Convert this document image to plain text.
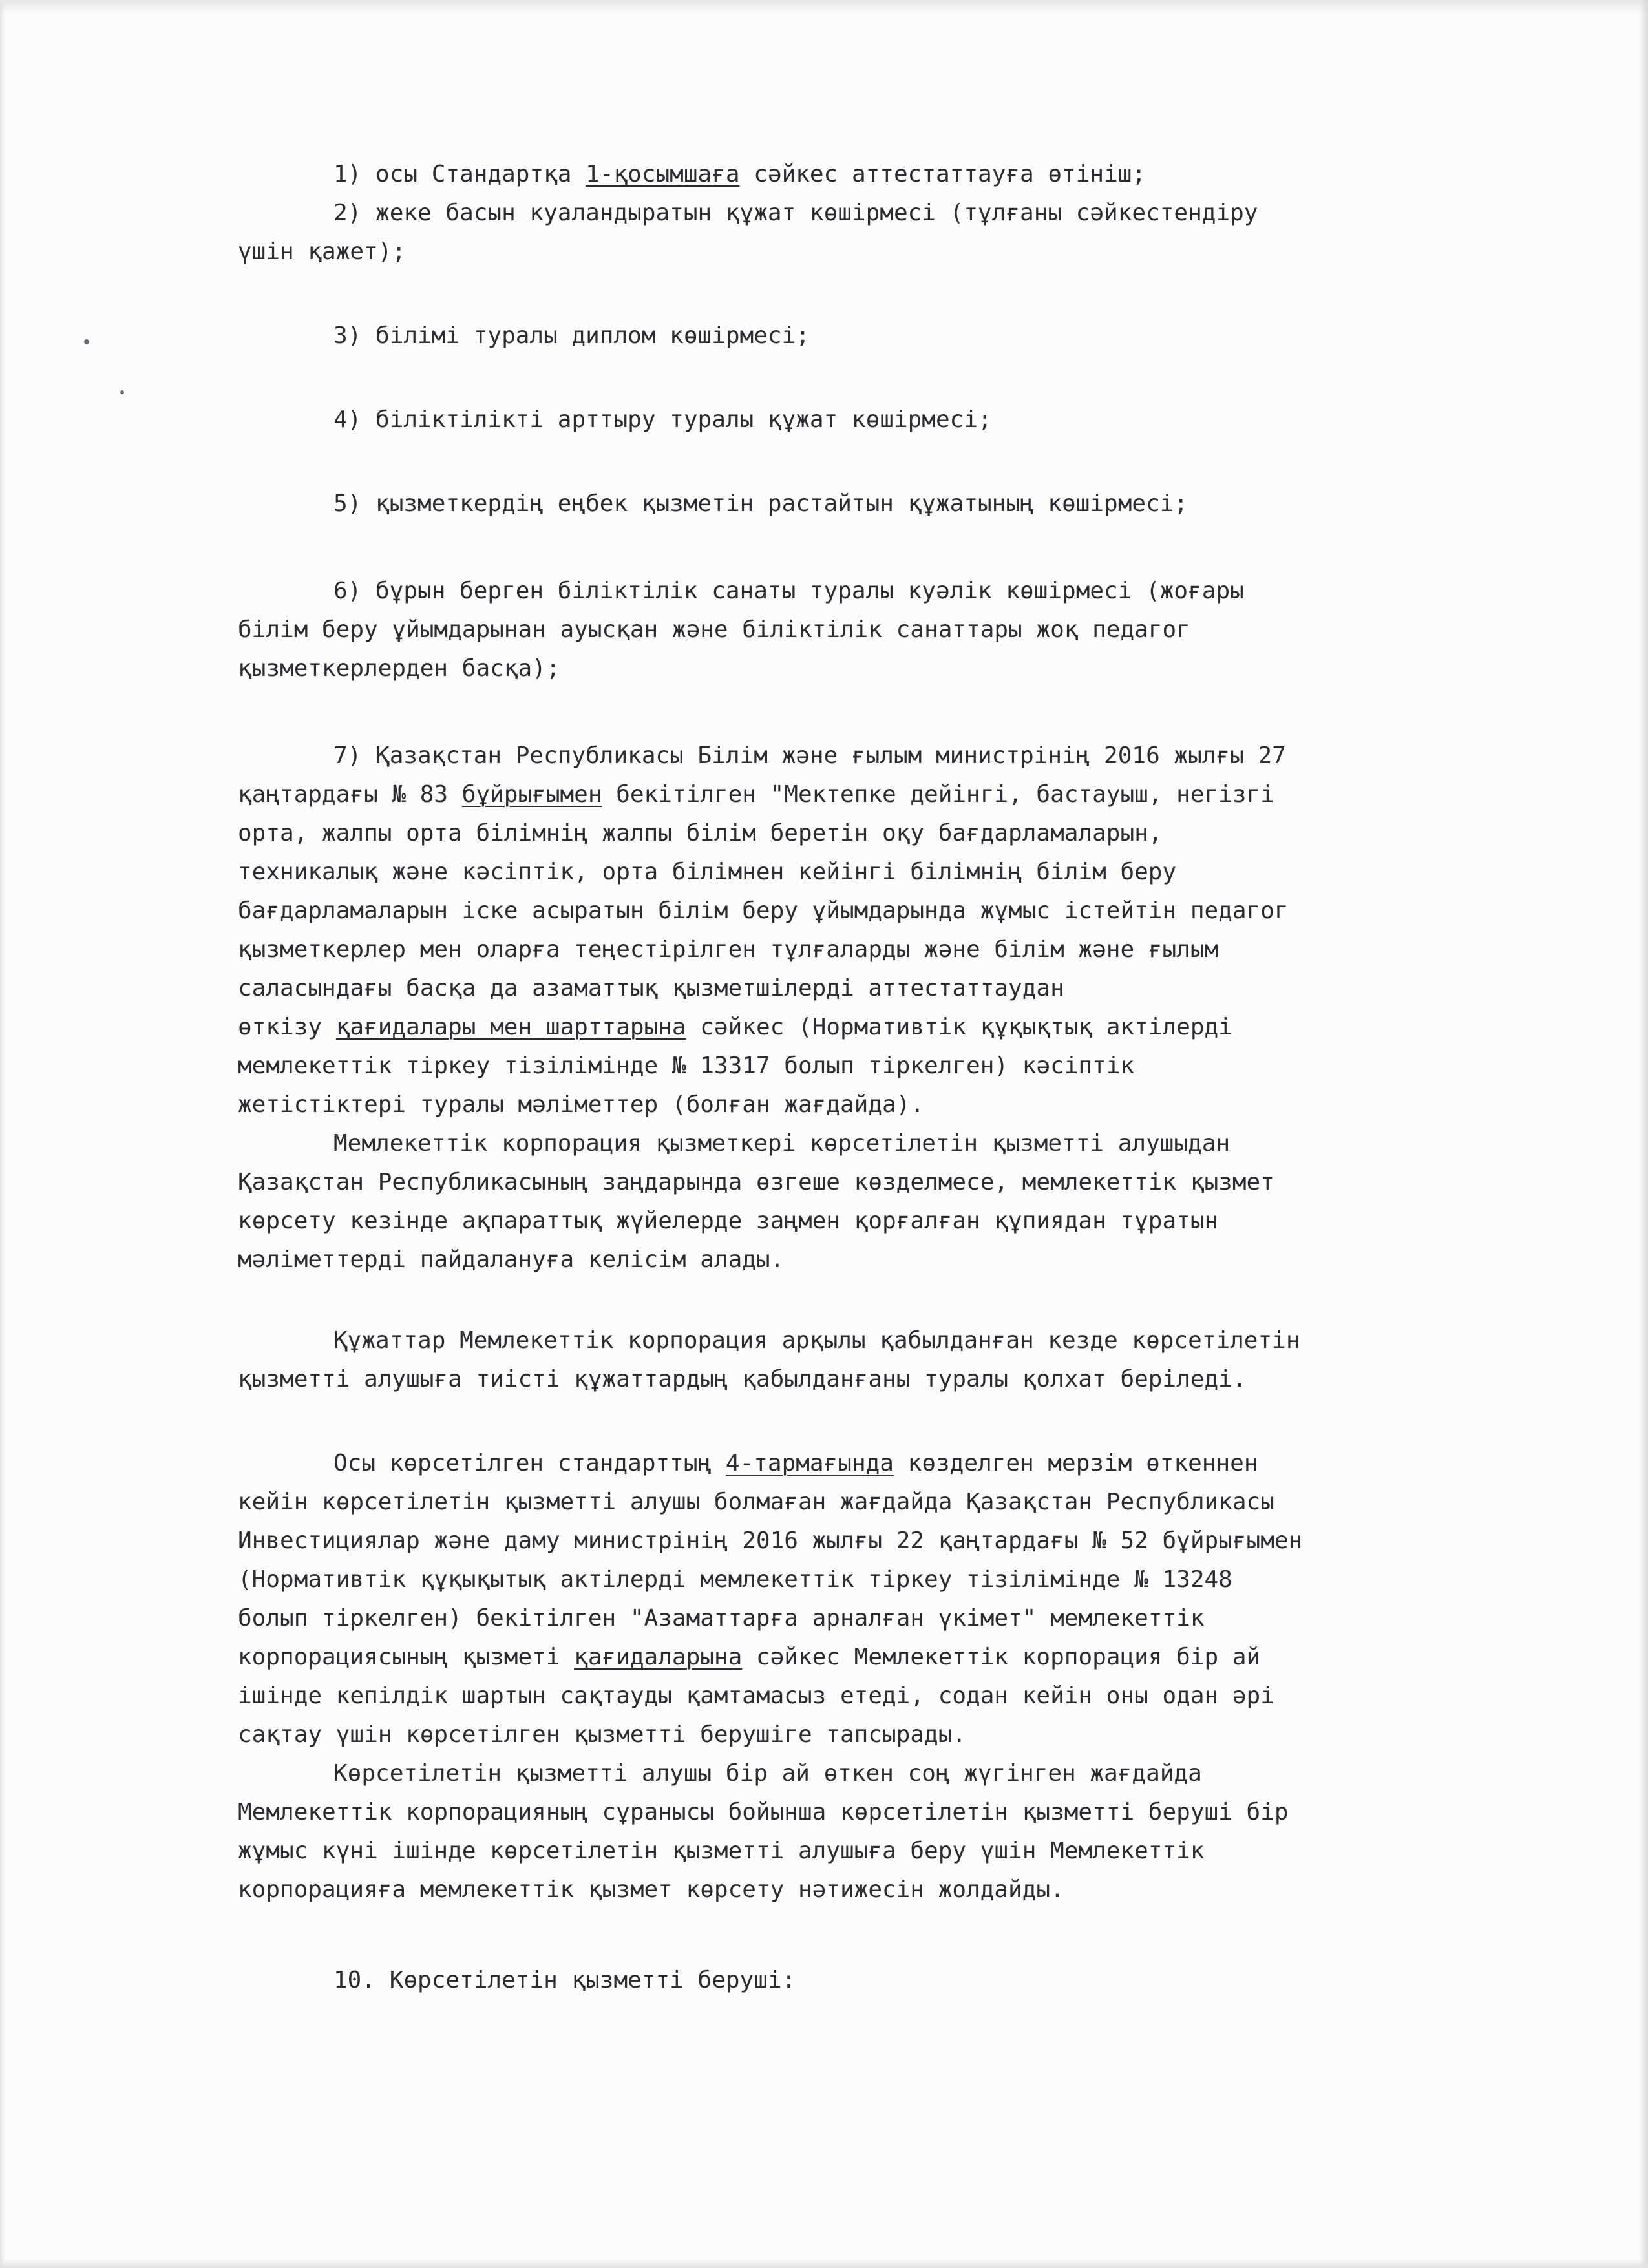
1) осы Стандартқа 1-қосымшаға сәйкес аттестаттауға өтініш;
2) жеке басын куаландыратын құжат көшірмесі (тұлғаны сәйкестендіру
үшін қажет);
3) білімі туралы диплом көшірмесі;
4) біліктілікті арттыру туралы құжат көшірмесі;
5) қызметкердің еңбек қызметін растайтын құжатының көшірмесі;
6) бұрын берген біліктілік санаты туралы куәлік көшірмесі (жоғары
білім беру ұйымдарынан ауысқан және біліктілік санаттары жоқ педагог
қызметкерлерден басқа);
7) Қазақстан Республикасы Білім және ғылым министрінің 2016 жылғы 27
қаңтардағы № 83 бұйрығымен бекітілген "Мектепке дейінгі, бастауыш, негізгі
орта, жалпы орта білімнің жалпы білім беретін оқу бағдарламаларын,
техникалық және кәсіптік, орта білімнен кейінгі білімнің білім беру
бағдарламаларын іске асыратын білім беру ұйымдарында жұмыс істейтін педагог
қызметкерлер мен оларға теңестірілген тұлғаларды және білім және ғылым
саласындағы басқа да азаматтық қызметшілерді аттестаттаудан
өткізу қағидалары мен шарттарына сәйкес (Нормативтік құқықтық актілерді
мемлекеттік тіркеу тізілімінде № 13317 болып тіркелген) кәсіптік
жетістіктері туралы мәліметтер (болған жағдайда).
Мемлекеттік корпорация қызметкері көрсетілетін қызметті алушыдан
Қазақстан Республикасының заңдарында өзгеше көзделмесе, мемлекеттік қызмет
көрсету кезінде ақпараттық жүйелерде заңмен қорғалған құпиядан тұратын
мәліметтерді пайдалануға келісім алады.
Құжаттар Мемлекеттік корпорация арқылы қабылданған кезде көрсетілетін
қызметті алушыға тиісті құжаттардың қабылданғаны туралы қолхат беріледі.
Осы көрсетілген стандарттың 4-тармағында көзделген мерзім өткеннен
кейін көрсетілетін қызметті алушы болмаған жағдайда Қазақстан Республикасы
Инвестициялар және даму министрінің 2016 жылғы 22 қаңтардағы № 52 бұйрығымен
(Нормативтік құқықытық актілерді мемлекеттік тіркеу тізілімінде № 13248
болып тіркелген) бекітілген "Азаматтарға арналған үкімет" мемлекеттік
корпорациясының қызметі қағидаларына сәйкес Мемлекеттік корпорация бір ай
ішінде кепілдік шартын сақтауды қамтамасыз етеді, содан кейін оны одан әрі
сақтау үшін көрсетілген қызметті берушіге тапсырады.
Көрсетілетін қызметті алушы бір ай өткен соң жүгінген жағдайда
Мемлекеттік корпорацияның сұранысы бойынша көрсетілетін қызметті беруші бір
жұмыс күні ішінде көрсетілетін қызметті алушыға беру үшін Мемлекеттік
корпорацияға мемлекеттік қызмет көрсету нәтижесін жолдайды.
10. Көрсетілетін қызметті беруші:
